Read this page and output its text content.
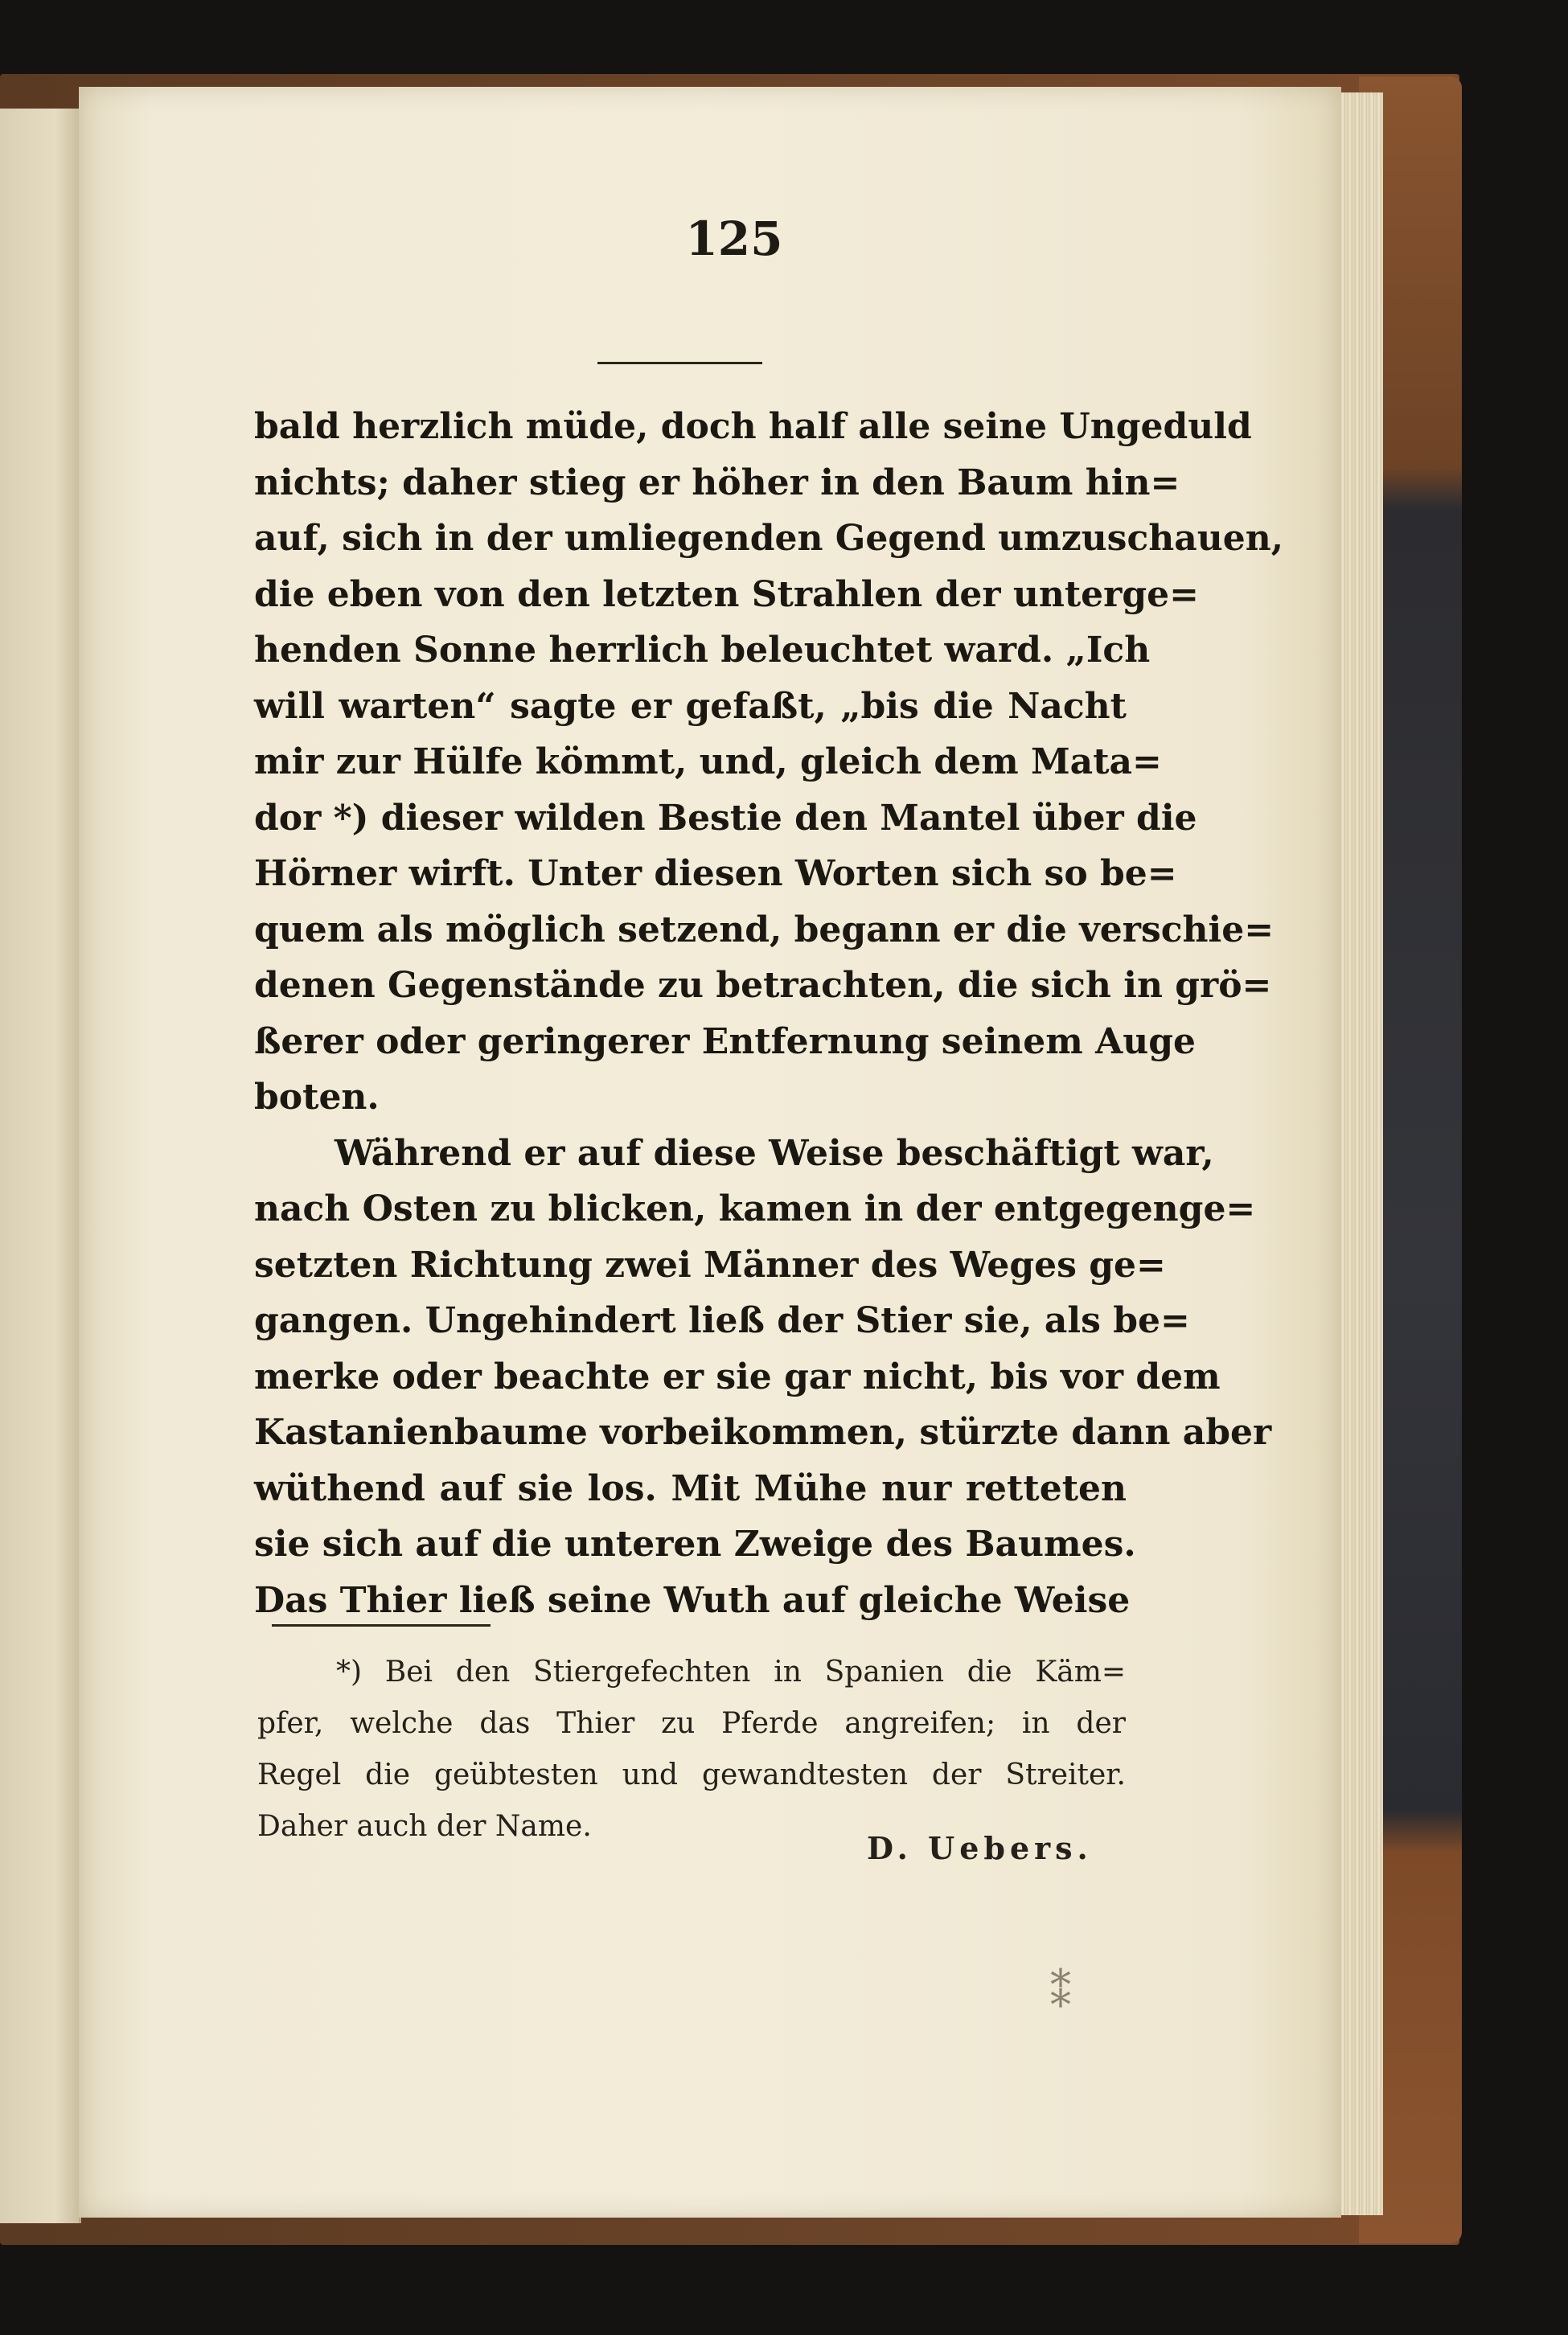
125
bald herzlich müde, doch half alle seine Ungeduld
nichts; daher stieg er höher in den Baum hin=
auf, sich in der umliegenden Gegend umzuschauen,
die eben von den letzten Strahlen der unterge=
henden Sonne herrlich beleuchtet ward. „Ich
will warten“ sagte er gefaßt, „bis die Nacht
mir zur Hülfe kömmt, und, gleich dem Mata=
dor *) dieser wilden Bestie den Mantel über die
Hörner wirft. Unter diesen Worten sich so be=
quem als möglich setzend, begann er die verschie=
denen Gegenstände zu betrachten, die sich in grö=
ßerer oder geringerer Entfernung seinem Auge
boten.
Während er auf diese Weise beschäftigt war,
nach Osten zu blicken, kamen in der entgegenge=
setzten Richtung zwei Männer des Weges ge=
gangen. Ungehindert ließ der Stier sie, als be=
merke oder beachte er sie gar nicht, bis vor dem
Kastanienbaume vorbeikommen, stürzte dann aber
wüthend auf sie los. Mit Mühe nur retteten
sie sich auf die unteren Zweige des Baumes.
Das Thier ließ seine Wuth auf gleiche Weise
*) Bei den Stiergefechten in Spanien die Käm=
pfer, welche das Thier zu Pferde angreifen; in der
Regel die geübtesten und gewandtesten der Streiter.
Daher auch der Name.
D. Uebers.
⁑
